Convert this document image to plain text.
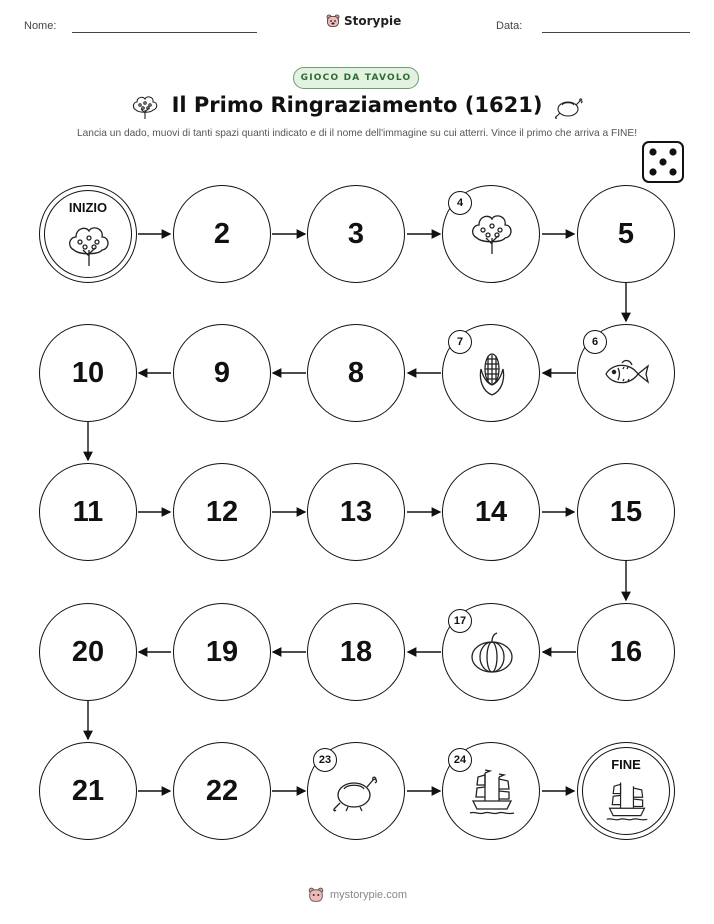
Nome:	Storypie	Data:
GIOCO DA TAVOLO
Il Primo Ringraziamento (1621)
Lancia un dado, muovi di tanti spazi quanti indicato e di il nome dell'immagine su cui atterri. Vince il primo che arriva a FINE!
INIZIO
2	3
4
5
10	9	8
7	6
11	12	13	14	15
20	19	18
17
16
21	22
23	24	FINE
mystorypie.com
